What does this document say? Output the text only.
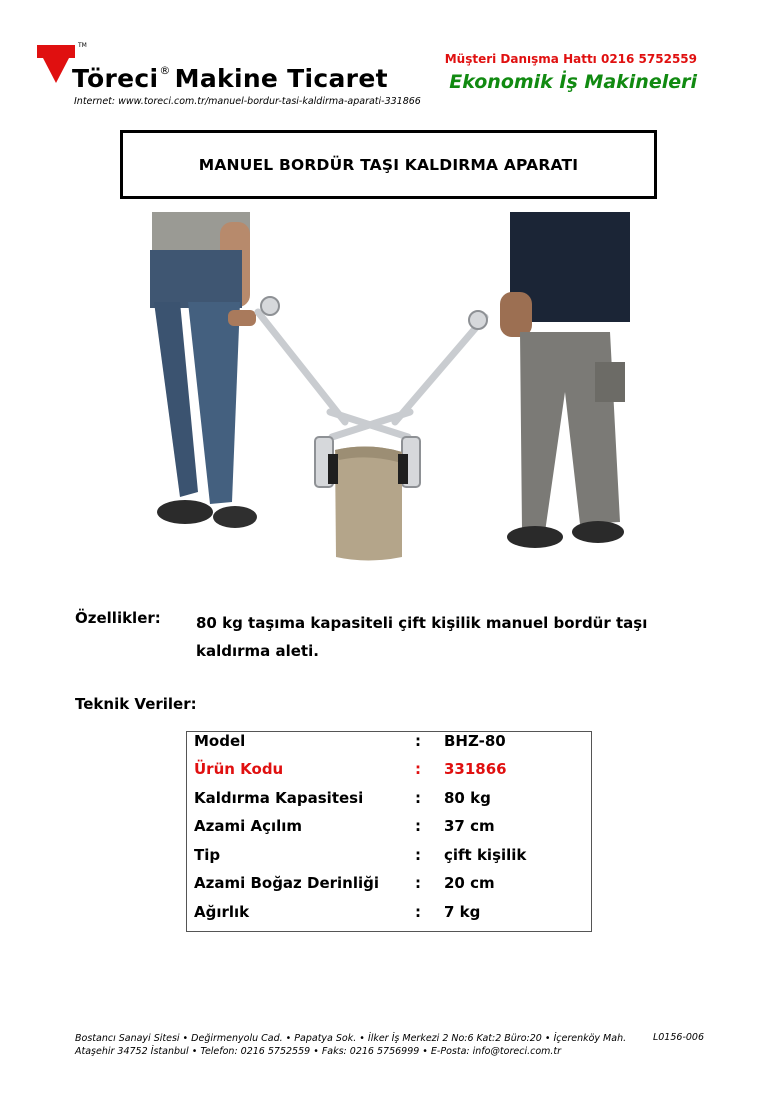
TM
Töreci® Makine Ticaret
Internet: www.toreci.com.tr/manuel-bordur-tasi-kaldirma-aparati-331866
Müşteri Danışma Hattı 0216 5752559
Ekonomik İş Makineleri
MANUEL BORDÜR TAŞI KALDIRMA APARATI
Özellikler: 80 kg taşıma kapasiteli çift kişilik manuel bordür taşı kaldırma aleti.
Teknik Veriler:
Model	: BHZ-80
Ürün Kodu	: 331866
Kaldırma Kapasitesi	: 80 kg
Azami Açılım	: 37 cm
Tip	: çift kişilik
Azami Boğaz Derinliği : 20 cm
Ağırlık	: 7 kg
Bostancı Sanayi Sitesi • Değirmenyolu Cad. • Papatya Sok. • İlker İş Merkezi 2 No:6 Kat:2 Büro:20 • İçerenköy Mah.
Ataşehir 34752 İstanbul • Telefon: 0216 5752559 • Faks: 0216 5756999 • E-Posta: info@toreci.com.tr
L0156-006
